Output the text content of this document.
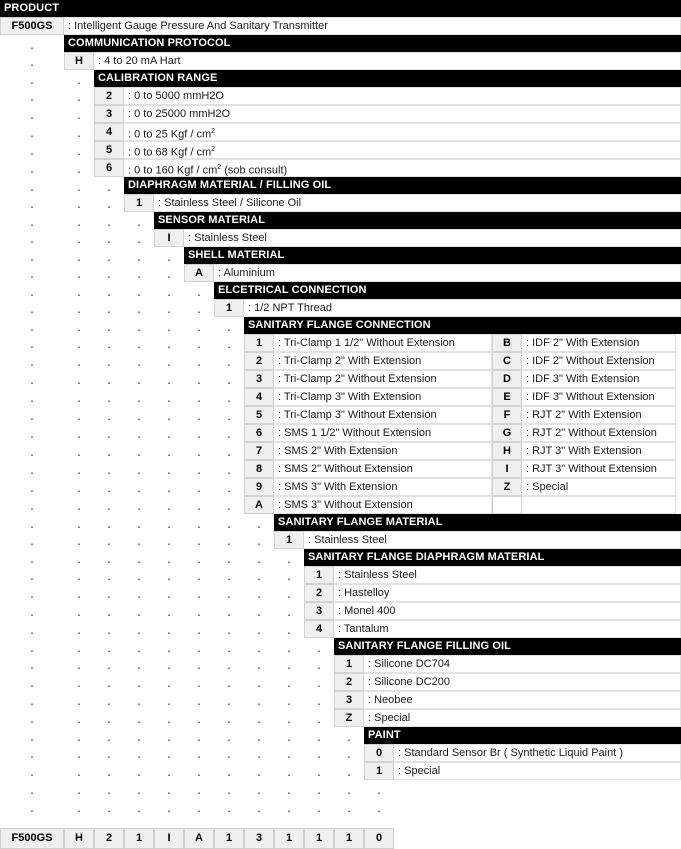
PRODUCT
F500GS	: Intelligent Gauge Pressure And Sanitary Transmitter
.	COMMUNICATION PROTOCOL
.	H	: 4 to 20 mA Hart
.	.	CALIBRATION RANGE
.	.	2	: 0 to 5000 mmH2O
.	.	3	: 0 to 25000 mmH2O
.	.	4	: 0 to 25 Kgf / $cm^2$
.	.	5	: 0 to 68 Kgf / $cm^2$
.	.	6	: 0 to 160 Kgf / $cm^2$ (sob consult)
.	.	.	DIAPHRAGM MATERIAL / FILLING OIL
.	.	.	1	: Stainless Steel / Silicone Oil
.	.	.	.	SENSOR MATERIAL
.	.	.	.	I	: Stainless Steel
.	.	.	.	.	SHELL MATERIAL
.	.	.	.	.	A	: Aluminium
.	.	.	.	.	.	ELCETRICAL CONNECTION
.	.	.	.	.	.	1	: 1/2 NPT Thread
.	.	.	.	.	.	.	SANITARY FLANGE CONNECTION
.	.	.	.	.	.	.	1	: Tri-Clamp 1 1/2" Without Extension	B	: IDF 2" With Extension
.	.	.	.	.	.	.	2	: Tri-Clamp 2" With Extension	C	: IDF 2" Without Extension
.	.	.	.	.	.	.	3	: Tri-Clamp 2" Without Extension	D	: IDF 3" With Extension
.	.	.	.	.	.	.	4	: Tri-Clamp 3" With Extension	E	: IDF 3" Without Extension
.	.	.	.	.	.	.	5	: Tri-Clamp 3" Without Extension	F	: RJT 2" With Extension
.	.	.	.	.	.	.	6	: SMS 1 1/2" Without Extension	G	: RJT 2" Without Extension
.	.	.	.	.	.	.	7	: SMS 2" With Extension	H	: RJT 3" With Extension
.	.	.	.	.	.	.	8	: SMS 2" Without Extension	I	: RJT 3" Without Extension
.	.	.	.	.	.	.	9	: SMS 3" With Extension	Z	: Special
.	.	.	.	.	.	.	A	: SMS 3" Without Extension
.	.	.	.	.	.	.	.	SANITARY FLANGE MATERIAL
.	.	.	.	.	.	.	.	1	: Stainless Steel
.	.	.	.	.	.	.	.	.	SANITARY FLANGE DIAPHRAGM MATERIAL
.	.	.	.	.	.	.	.	.	1	: Stainless Steel
.	.	.	.	.	.	.	.	.	2	: Hastelloy
.	.	.	.	.	.	.	.	.	3	: Monel 400
.	.	.	.	.	.	.	.	.	4	: Tantalum
.	.	.	.	.	.	.	.	.	.	SANITARY FLANGE FILLING OIL
.	.	.	.	.	.	.	.	.	.	1	: Silicone DC704
.	.	.	.	.	.	.	.	.	.	2	: Silicone DC200
.	.	.	.	.	.	.	.	.	.	3	: Neobee
.	.	.	.	.	.	.	.	.	.	Z	: Special
.	.	.	.	.	.	.	.	.	.	.	PAINT
.	.	.	.	.	.	.	.	.	.	.	0	: Standard Sensor Br ( Synthetic Liquid Paint )
.	.	.	.	.	.	.	.	.	.	.	1	: Special
.	.	.	.	.	.	.	.	.	.	.	.
.	.	.	.	.	.	.	.	.	.	.	.
F500GS	H	2	1	I	A	1	3	1	1	1	0
